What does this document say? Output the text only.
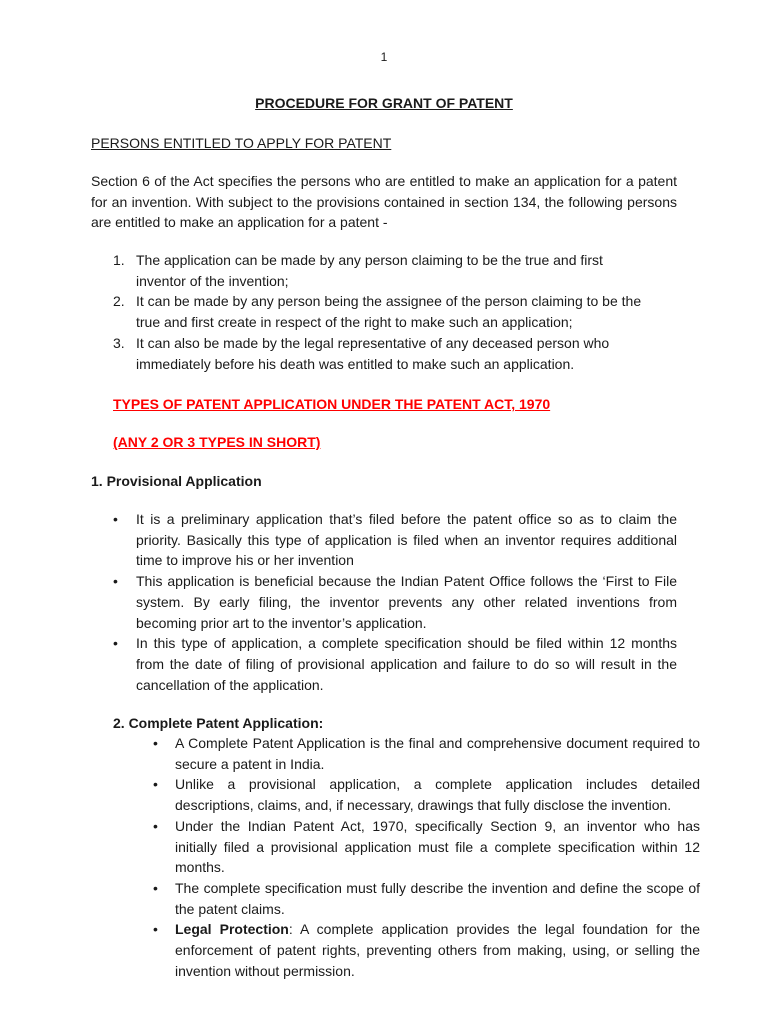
1
PROCEDURE FOR GRANT OF PATENT
PERSONS ENTITLED TO APPLY FOR PATENT
Section 6 of the Act specifies the persons who are entitled to make an application for a patent for an invention. With subject to the provisions contained in section 134, the following persons are entitled to make an application for a patent -
1. The application can be made by any person claiming to be the true and first inventor of the invention;
2. It can be made by any person being the assignee of the person claiming to be the true and first create in respect of the right to make such an application;
3. It can also be made by the legal representative of any deceased person who immediately before his death was entitled to make such an application.
TYPES OF PATENT APPLICATION UNDER THE PATENT ACT, 1970
(ANY 2 OR 3 TYPES IN SHORT)
1. Provisional Application
• It is a preliminary application that’s filed before the patent office so as to claim the priority. Basically this type of application is filed when an inventor requires additional time to improve his or her invention
• This application is beneficial because the Indian Patent Office follows the ‘First to File system. By early filing, the inventor prevents any other related inventions from becoming prior art to the inventor’s application.
• In this type of application, a complete specification should be filed within 12 months from the date of filing of provisional application and failure to do so will result in the cancellation of the application.
2. Complete Patent Application:
• A Complete Patent Application is the final and comprehensive document required to secure a patent in India.
• Unlike a provisional application, a complete application includes detailed descriptions, claims, and, if necessary, drawings that fully disclose the invention.
• Under the Indian Patent Act, 1970, specifically Section 9, an inventor who has initially filed a provisional application must file a complete specification within 12 months.
• The complete specification must fully describe the invention and define the scope of the patent claims.
• Legal Protection: A complete application provides the legal foundation for the enforcement of patent rights, preventing others from making, using, or selling the invention without permission.
